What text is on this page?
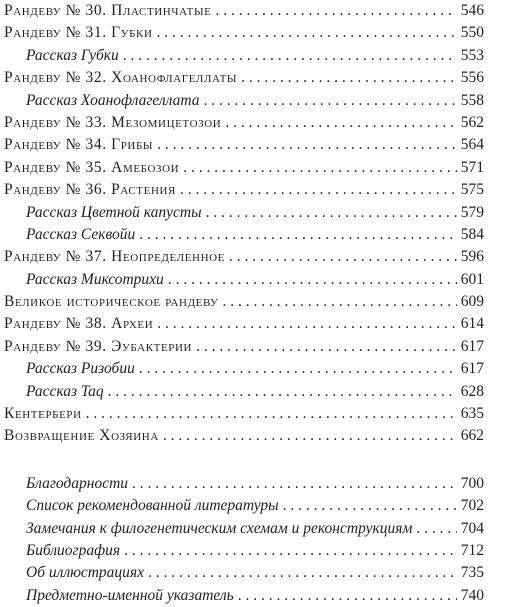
Рандеву № 30. Пластинчатые . . .	546
Рандеву № 31. Губки . . .	550
Рассказ Губки . . .	553
Рандеву № 32. Хоанофлагеллаты . . .	556
Рассказ Хоанофлагеллата . . .	558
Рандеву № 33. Мезомицетозои . . .	562
Рандеву № 34. Грибы . . .	564
Рандеву № 35. Амебозои . . .	571
Рандеву № 36. Растения . . .	575
Рассказ Цветной капусты . . .	579
Рассказ Секвойи . . .	584
Рандеву № 37. Неопределенное . . .	596
Рассказ Миксотрихи . . .	601
Великое историческое рандеву . . .	609
Рандеву № 38. Археи . . .	614
Рандеву № 39. Эубактерии . . .	617
Рассказ Ризобии . . .	617
Рассказ Taq . . .	628
Кентербери . . .	635
Возвращение Хозяина . . .	662
Благодарности . . .	700
Список рекомендованной литературы . . .	702
Замечания к филогенетическим схемам и реконструкциям . . .	704
Библиография . . .	712
Об иллюстрациях . . .	735
Предметно-именной указатель . . .	740
